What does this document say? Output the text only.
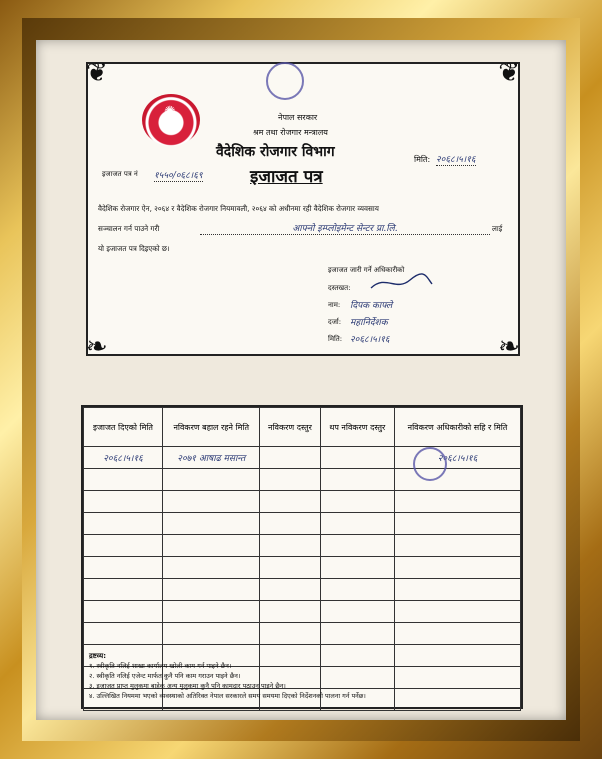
❦	❦
❧	❧
✺	नेपाल सरकार
श्रम तथा रोजगार मन्त्रालय
वैदेशिक रोजगार विभाग
इजाजत पत्र
मिति: २०६८।५।१६
इजाजत पत्र नं १५५०/०६८।६९
वैदेशिक रोजगार ऐन, २०६४ र वैदेशिक रोजगार नियमावली, २०६४ को अधीनमा रही वैदेशिक रोजगार व्यवसाय
सञ्चालन गर्न पाउने गरी	आफ्नो इम्प्लोइमेन्ट सेन्टर प्रा.लि.	लाई
यो इजाजत पत्र दिइएको छ।
इजाजत जारी गर्ने अधिकारीको
दस्तखत:
नाम: दिपक काफ्ले
दर्जा: महानिर्देशक
मिति: २०६८।५।१६
इजाजत दिएको मिति	नविकरण बहाल रहने मिति	नविकरण दस्तुर	थप नविकरण दस्तुर	नविकरण अधिकारीको सहि र मिति
२०६८।५।१६	२०७१ आषाढ मसान्त			२०६८।५।१६

द्रष्टव्य:
१. स्वीकृति नलिई शाखा कार्यालय खोली काम गर्न पाइने छैन।
२. स्वीकृति नलिई एजेन्ट मार्फत कुनै पनि काम गराउन पाइने छैन।
३. इजाजत प्राप्त मुलुकमा बाहेक अन्य मुलुकमा कुनै पनि कामदार पठाउन पाइने छैन।
४. उल्लिखित नियममा भएको व्यवस्थाको अतिरिक्त नेपाल सरकारले समय समयमा दिएको निर्देशनको पालना गर्न पर्नेछ।
